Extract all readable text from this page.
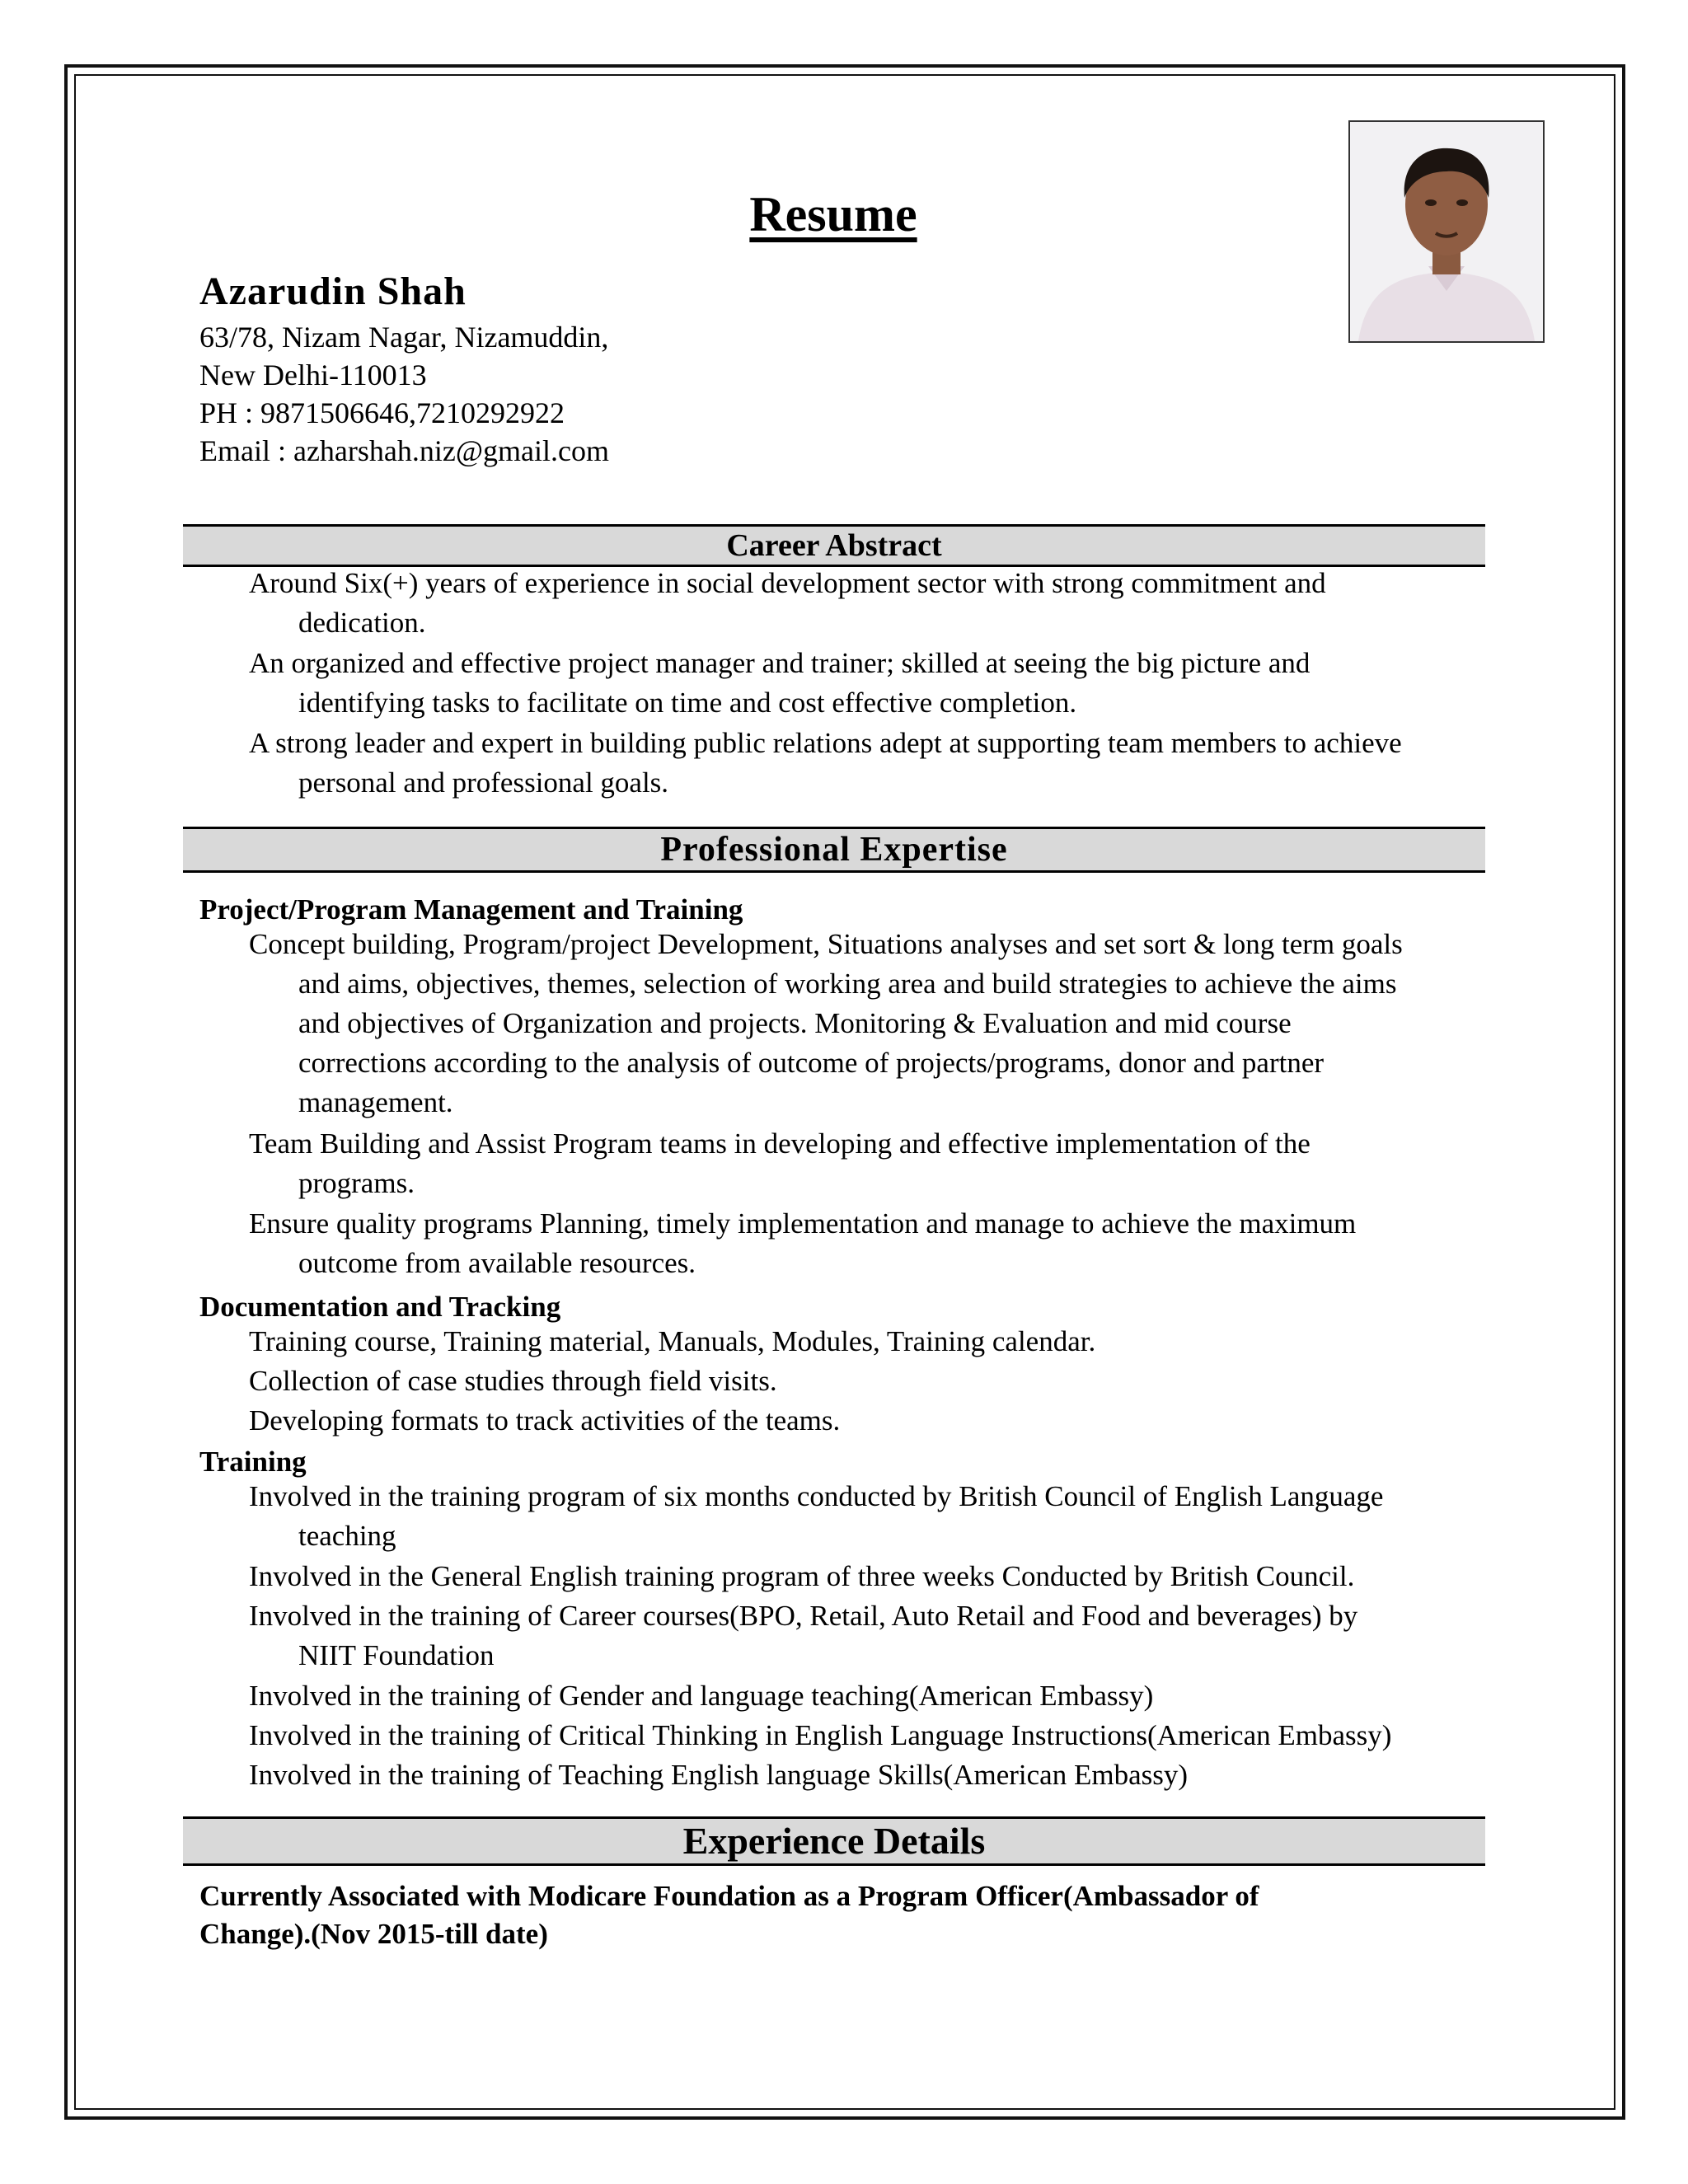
Resume
Azarudin Shah
63/78, Nizam Nagar, Nizamuddin,
New Delhi-110013
PH : 9871506646,7210292922
Email : azharshah.niz@gmail.com
Career Abstract
Around Six(+) years of experience in social development sector with strong commitment and
dedication.
An organized and effective project manager and trainer; skilled at seeing the big picture and
identifying tasks to facilitate on time and cost effective completion.
A strong leader and expert in building public relations adept at supporting team members to achieve
personal and professional goals.
Professional Expertise
Project/Program Management and Training
Concept building, Program/project Development, Situations analyses and set sort & long term goals
and aims, objectives, themes, selection of working area and build strategies to achieve the aims
and objectives of Organization and projects. Monitoring & Evaluation and mid course
corrections according to the analysis of outcome of projects/programs, donor and partner
management.
Team Building and Assist Program teams in developing and effective implementation of the
programs.
Ensure quality programs Planning, timely implementation and manage to achieve the maximum
outcome from available resources.
Documentation and Tracking
Training course, Training material, Manuals, Modules, Training calendar.
Collection of case studies through field visits.
Developing formats to track activities of the teams.
Training
Involved in the training program of six months conducted by British Council of English Language
teaching
Involved in the General English training program of three weeks Conducted by British Council.
Involved in the training of Career courses(BPO, Retail, Auto Retail and Food and beverages) by
NIIT Foundation
Involved in the training of Gender and language teaching(American Embassy)
Involved in the training of Critical Thinking in English Language Instructions(American Embassy)
Involved in the training of Teaching English language Skills(American Embassy)
Experience Details
Currently Associated with Modicare Foundation as a Program Officer(Ambassador of
Change).(Nov 2015-till date)
